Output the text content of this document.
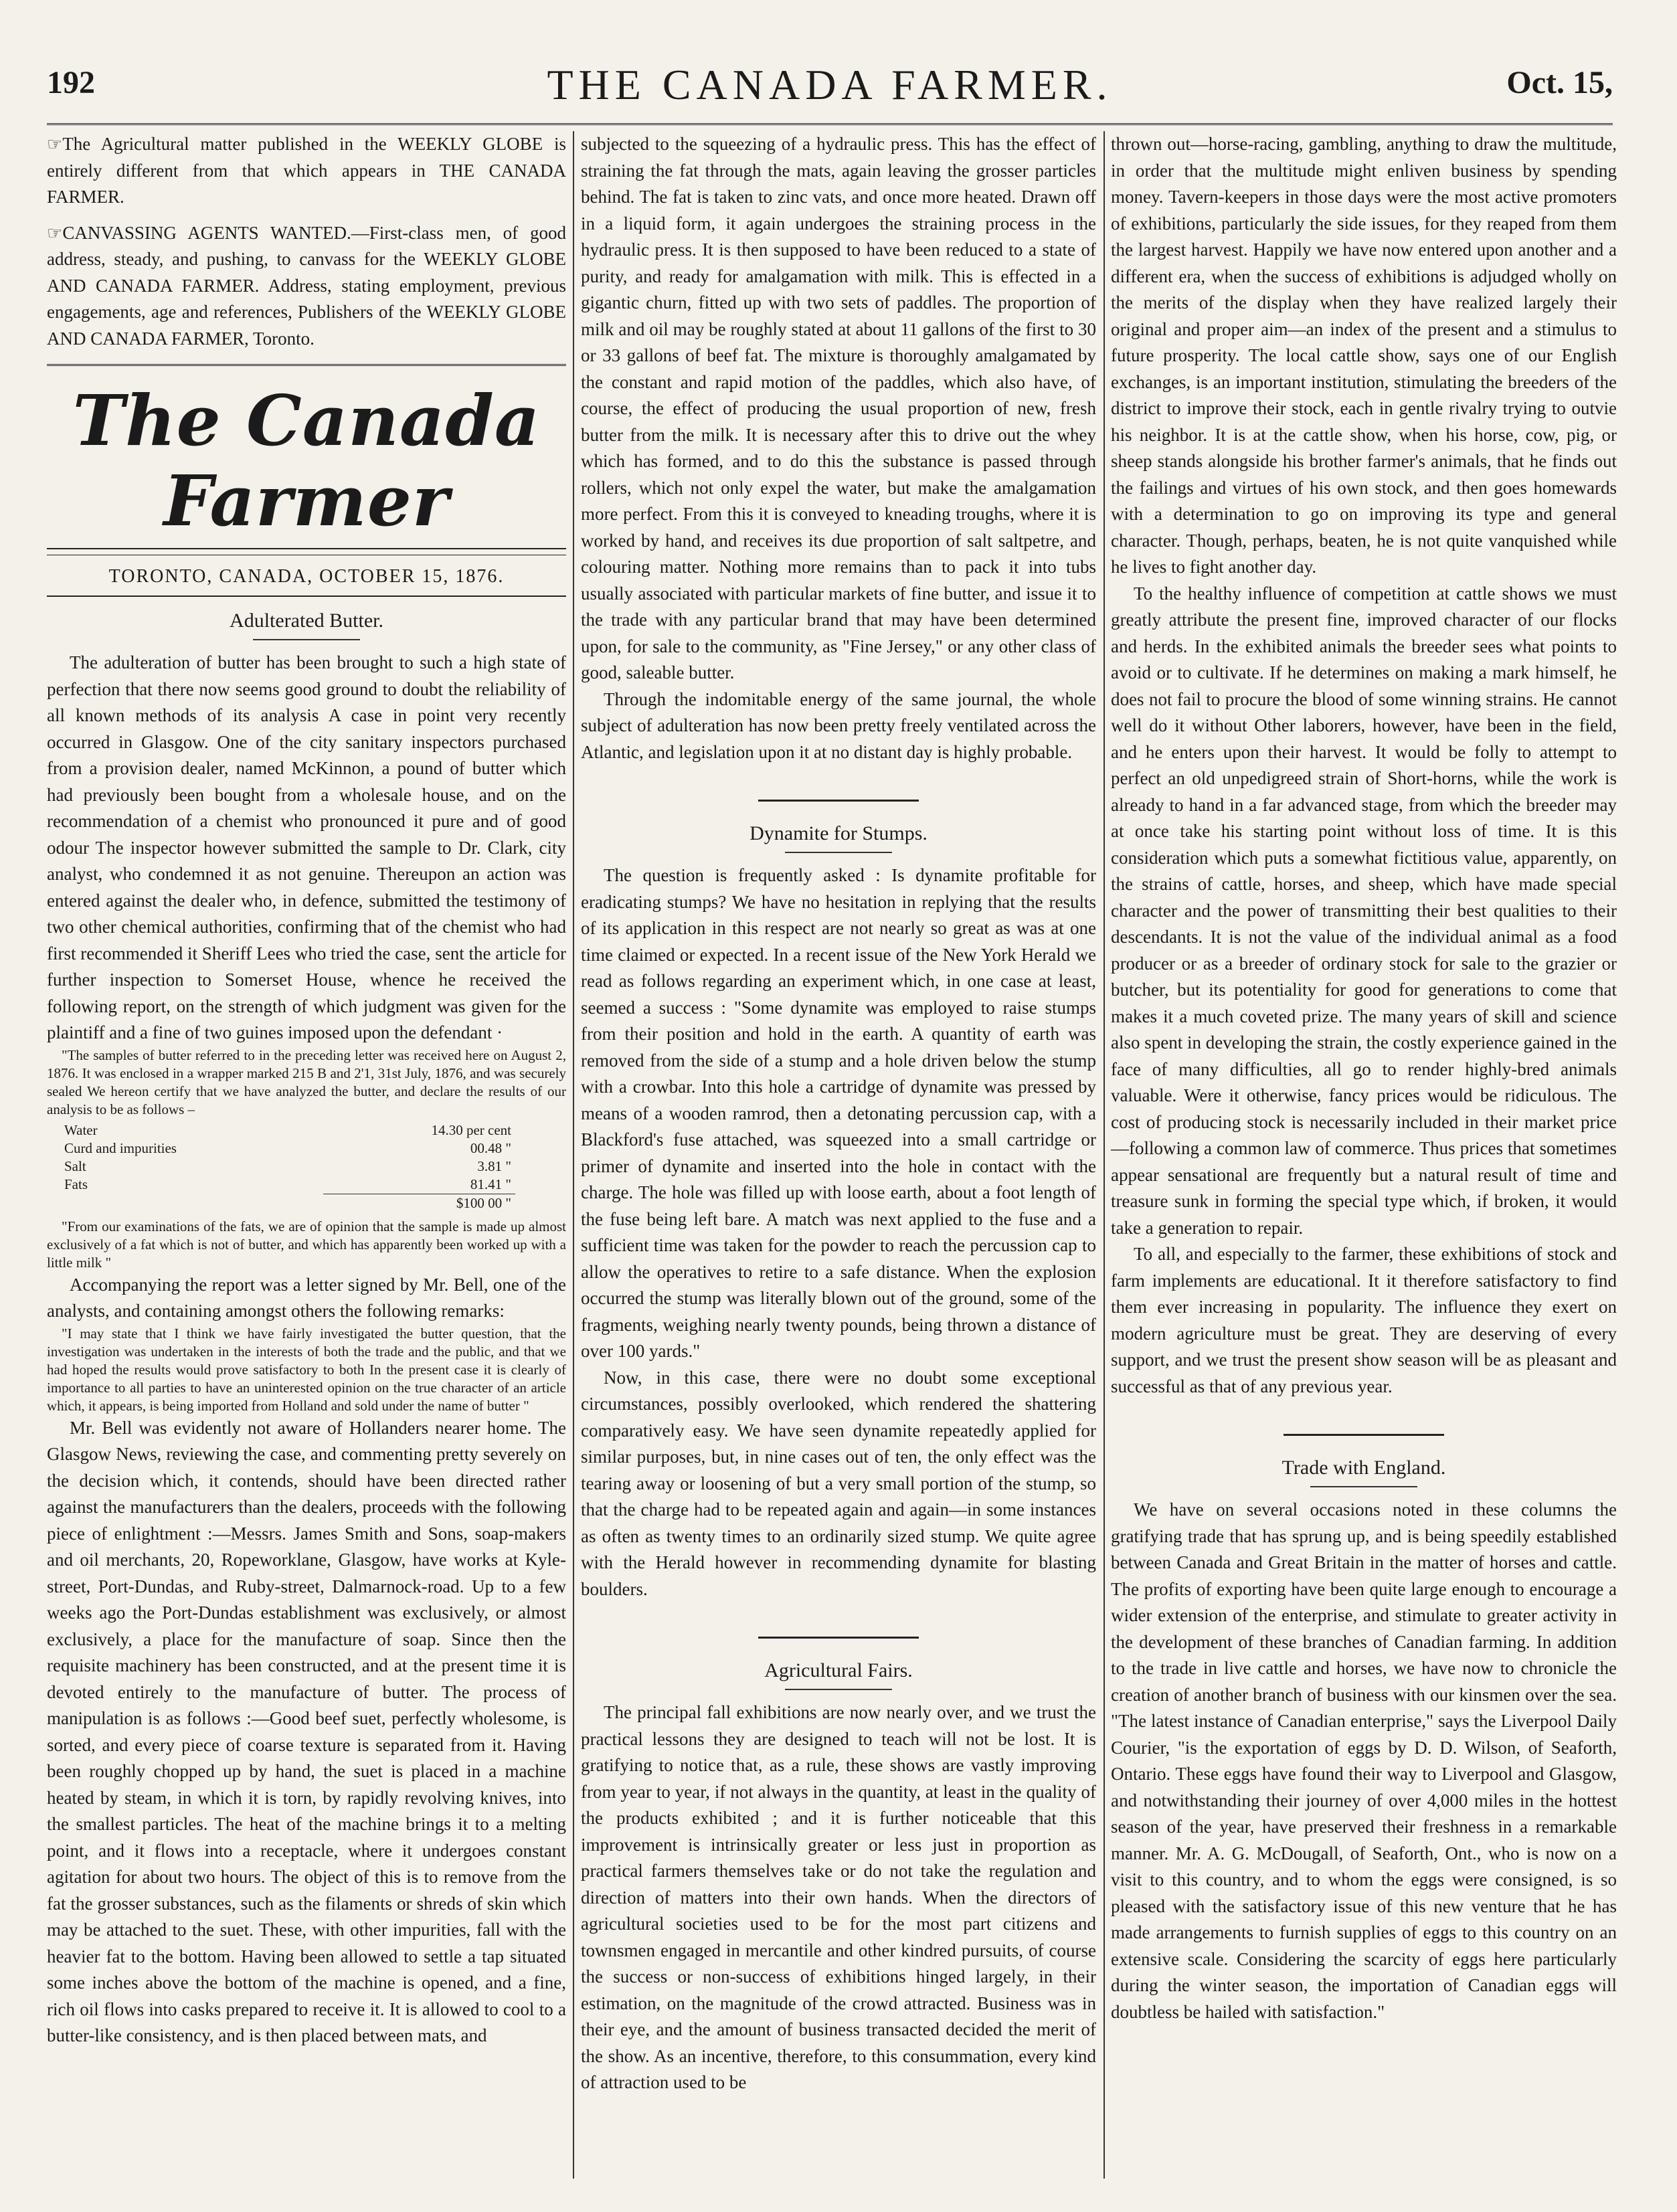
192	THE CANADA FARMER.	Oct. 15,

☞ The Agricultural matter published in the WEEKLY GLOBE is entirely different from that which appears in THE CANADA FARMER.

☞ CANVASSING AGENTS WANTED.—First-class men, of good address, steady, and pushing, to canvass for the WEEKLY GLOBE AND CANADA FARMER. Address, stating employment, previous engagements, age and references, Publishers of the WEEKLY GLOBE AND CANADA FARMER, Toronto.

The Canada Farmer
TORONTO, CANADA, OCTOBER 15, 1876.
Adulterated Butter.

The adulteration of butter has been brought to such a high state of perfection that there now seems good ground to doubt the reliability of all known methods of its analysis A case in point very recently occurred in Glasgow. One of the city sanitary inspectors purchased from a provision dealer, named McKinnon, a pound of butter which had previously been bought from a wholesale house, and on the recommendation of a chemist who pronounced it pure and of good odour The inspector however submitted the sample to Dr. Clark, city analyst, who condemned it as not genuine. Thereupon an action was entered against the dealer who, in defence, submitted the testimony of two other chemical authorities, confirming that of the chemist who had first recommended it Sheriff Lees who tried the case, sent the article for further inspection to Somerset House, whence he received the following report, on the strength of which judgment was given for the plaintiff and a fine of two guines imposed upon the defendant ·

"The samples of butter referred to in the preceding letter was received here on August 2, 1876. It was enclosed in a wrapper marked 215 B and 2'1, 31st July, 1876, and was securely sealed We hereon certify that we have analyzed the butter, and declare the results of our analysis to be as follows –

Water	14.30 per cent
Curd and impurities	00.48 "
Salt	3.81 "
Fats	81.41 "
	$100 00 "

"From our examinations of the fats, we are of opinion that the sample is made up almost exclusively of a fat which is not of butter, and which has apparently been worked up with a little milk "

Accompanying the report was a letter signed by Mr. Bell, one of the analysts, and containing amongst others the following remarks:

"I may state that I think we have fairly investigated the butter question, that the investigation was undertaken in the interests of both the trade and the public, and that we had hoped the results would prove satisfactory to both In the present case it is clearly of importance to all parties to have an uninterested opinion on the true character of an article which, it appears, is being imported from Holland and sold under the name of butter "

Mr. Bell was evidently not aware of Hollanders nearer home. The Glasgow News, reviewing the case, and commenting pretty severely on the decision which, it contends, should have been directed rather against the manufacturers than the dealers, proceeds with the following piece of enlightment :—Messrs. James Smith and Sons, soap-makers and oil merchants, 20, Ropeworklane, Glasgow, have works at Kyle-street, Port-Dundas, and Ruby-street, Dalmarnock-road. Up to a few weeks ago the Port-Dundas establishment was exclusively, or almost exclusively, a place for the manufacture of soap. Since then the requisite machinery has been constructed, and at the present time it is devoted entirely to the manufacture of butter. The process of manipulation is as follows :—Good beef suet, perfectly wholesome, is sorted, and every piece of coarse texture is separated from it. Having been roughly chopped up by hand, the suet is placed in a machine heated by steam, in which it is torn, by rapidly revolving knives, into the smallest particles. The heat of the machine brings it to a melting point, and it flows into a receptacle, where it undergoes constant agitation for about two hours. The object of this is to remove from the fat the grosser substances, such as the filaments or shreds of skin which may be attached to the suet. These, with other impurities, fall with the heavier fat to the bottom. Having been allowed to settle a tap situated some inches above the bottom of the machine is opened, and a fine, rich oil flows into casks prepared to receive it. It is allowed to cool to a butter-like consistency, and is then placed between mats, and

subjected to the squeezing of a hydraulic press. This has the effect of straining the fat through the mats, again leaving the grosser particles behind. The fat is taken to zinc vats, and once more heated. Drawn off in a liquid form, it again undergoes the straining process in the hydraulic press. It is then supposed to have been reduced to a state of purity, and ready for amalgamation with milk. This is effected in a gigantic churn, fitted up with two sets of paddles. The proportion of milk and oil may be roughly stated at about 11 gallons of the first to 30 or 33 gallons of beef fat. The mixture is thoroughly amalgamated by the constant and rapid motion of the paddles, which also have, of course, the effect of producing the usual proportion of new, fresh butter from the milk. It is necessary after this to drive out the whey which has formed, and to do this the substance is passed through rollers, which not only expel the water, but make the amalgamation more perfect. From this it is conveyed to kneading troughs, where it is worked by hand, and receives its due proportion of salt saltpetre, and colouring matter. Nothing more remains than to pack it into tubs usually associated with particular markets of fine butter, and issue it to the trade with any particular brand that may have been determined upon, for sale to the community, as "Fine Jersey," or any other class of good, saleable butter.

Through the indomitable energy of the same journal, the whole subject of adulteration has now been pretty freely ventilated across the Atlantic, and legislation upon it at no distant day is highly probable.

Dynamite for Stumps.

The question is frequently asked : Is dynamite profitable for eradicating stumps? We have no hesitation in replying that the results of its application in this respect are not nearly so great as was at one time claimed or expected. In a recent issue of the New York Herald we read as follows regarding an experiment which, in one case at least, seemed a success : "Some dynamite was employed to raise stumps from their position and hold in the earth. A quantity of earth was removed from the side of a stump and a hole driven below the stump with a crowbar. Into this hole a cartridge of dynamite was pressed by means of a wooden ramrod, then a detonating percussion cap, with a Blackford's fuse attached, was squeezed into a small cartridge or primer of dynamite and inserted into the hole in contact with the charge. The hole was filled up with loose earth, about a foot length of the fuse being left bare. A match was next applied to the fuse and a sufficient time was taken for the powder to reach the percussion cap to allow the operatives to retire to a safe distance. When the explosion occurred the stump was literally blown out of the ground, some of the fragments, weighing nearly twenty pounds, being thrown a distance of over 100 yards."

Now, in this case, there were no doubt some exceptional circumstances, possibly overlooked, which rendered the shattering comparatively easy. We have seen dynamite repeatedly applied for similar purposes, but, in nine cases out of ten, the only effect was the tearing away or loosening of but a very small portion of the stump, so that the charge had to be repeated again and again—in some instances as often as twenty times to an ordinarily sized stump. We quite agree with the Herald however in recommending dynamite for blasting boulders.

Agricultural Fairs.

The principal fall exhibitions are now nearly over, and we trust the practical lessons they are designed to teach will not be lost. It is gratifying to notice that, as a rule, these shows are vastly improving from year to year, if not always in the quantity, at least in the quality of the products exhibited ; and it is further noticeable that this improvement is intrinsically greater or less just in proportion as practical farmers themselves take or do not take the regulation and direction of matters into their own hands. When the directors of agricultural societies used to be for the most part citizens and townsmen engaged in mercantile and other kindred pursuits, of course the success or non-success of exhibitions hinged largely, in their estimation, on the magnitude of the crowd attracted. Business was in their eye, and the amount of business transacted decided the merit of the show. As an incentive, therefore, to this consummation, every kind of attraction used to be

thrown out—horse-racing, gambling, anything to draw the multitude, in order that the multitude might enliven business by spending money. Tavern-keepers in those days were the most active promoters of exhibitions, particularly the side issues, for they reaped from them the largest harvest. Happily we have now entered upon another and a different era, when the success of exhibitions is adjudged wholly on the merits of the display when they have realized largely their original and proper aim—an index of the present and a stimulus to future prosperity. The local cattle show, says one of our English exchanges, is an important institution, stimulating the breeders of the district to improve their stock, each in gentle rivalry trying to outvie his neighbor. It is at the cattle show, when his horse, cow, pig, or sheep stands alongside his brother farmer's animals, that he finds out the failings and virtues of his own stock, and then goes homewards with a determination to go on improving its type and general character. Though, perhaps, beaten, he is not quite vanquished while he lives to fight another day.

To the healthy influence of competition at cattle shows we must greatly attribute the present fine, improved character of our flocks and herds. In the exhibited animals the breeder sees what points to avoid or to cultivate. If he determines on making a mark himself, he does not fail to procure the blood of some winning strains. He cannot well do it without Other laborers, however, have been in the field, and he enters upon their harvest. It would be folly to attempt to perfect an old unpedigreed strain of Short-horns, while the work is already to hand in a far advanced stage, from which the breeder may at once take his starting point without loss of time. It is this consideration which puts a somewhat fictitious value, apparently, on the strains of cattle, horses, and sheep, which have made special character and the power of transmitting their best qualities to their descendants. It is not the value of the individual animal as a food producer or as a breeder of ordinary stock for sale to the grazier or butcher, but its potentiality for good for generations to come that makes it a much coveted prize. The many years of skill and science also spent in developing the strain, the costly experience gained in the face of many difficulties, all go to render highly-bred animals valuable. Were it otherwise, fancy prices would be ridiculous. The cost of producing stock is necessarily included in their market price—following a common law of commerce. Thus prices that sometimes appear sensational are frequently but a natural result of time and treasure sunk in forming the special type which, if broken, it would take a generation to repair.

To all, and especially to the farmer, these exhibitions of stock and farm implements are educational. It it therefore satisfactory to find them ever increasing in popularity. The influence they exert on modern agriculture must be great. They are deserving of every support, and we trust the present show season will be as pleasant and successful as that of any previous year.

Trade with England.

We have on several occasions noted in these columns the gratifying trade that has sprung up, and is being speedily established between Canada and Great Britain in the matter of horses and cattle. The profits of exporting have been quite large enough to encourage a wider extension of the enterprise, and stimulate to greater activity in the development of these branches of Canadian farming. In addition to the trade in live cattle and horses, we have now to chronicle the creation of another branch of business with our kinsmen over the sea. "The latest instance of Canadian enterprise," says the Liverpool Daily Courier, "is the exportation of eggs by D. D. Wilson, of Seaforth, Ontario. These eggs have found their way to Liverpool and Glasgow, and notwithstanding their journey of over 4,000 miles in the hottest season of the year, have preserved their freshness in a remarkable manner. Mr. A. G. McDougall, of Seaforth, Ont., who is now on a visit to this country, and to whom the eggs were consigned, is so pleased with the satisfactory issue of this new venture that he has made arrangements to furnish supplies of eggs to this country on an extensive scale. Considering the scarcity of eggs here particularly during the winter season, the importation of Canadian eggs will doubtless be hailed with satisfaction."
